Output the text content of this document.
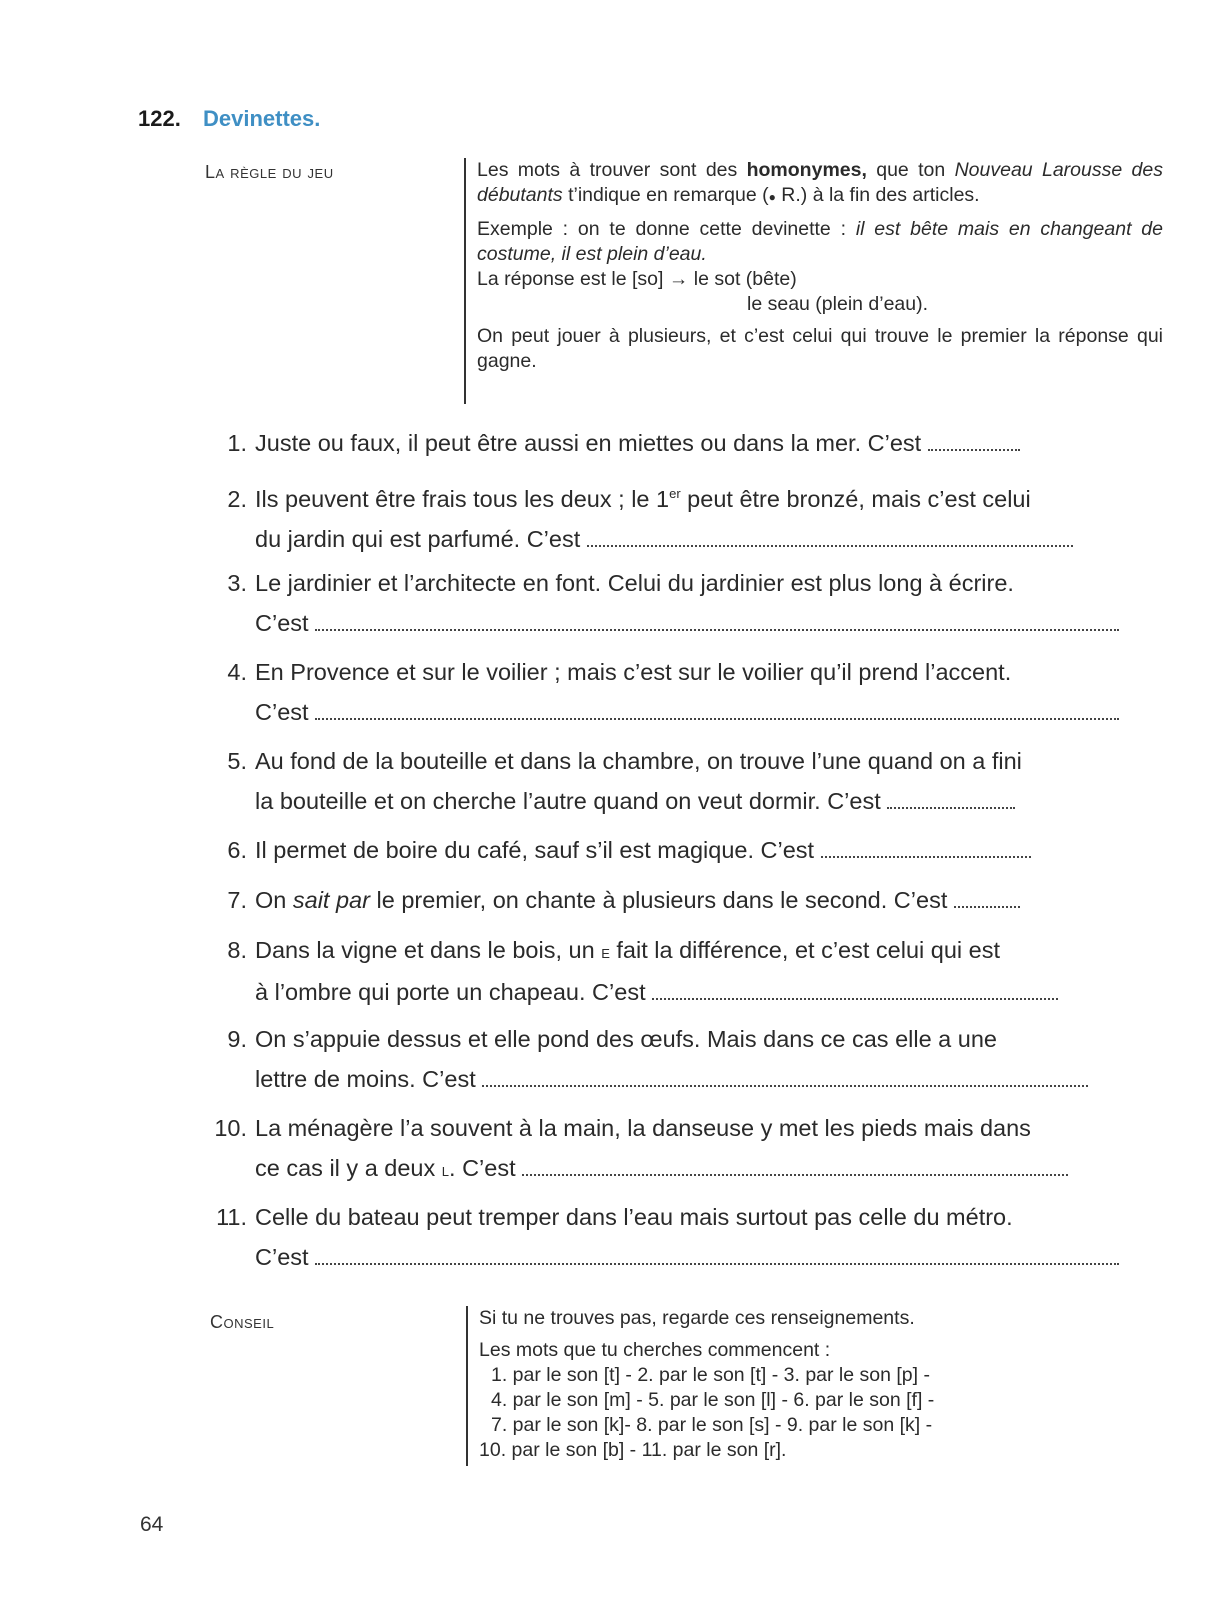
122. Devinettes.
La règle du jeu	Les mots à trouver sont des homonymes, que ton Nouveau Larousse des débutants t’indique en remarque (● R.) à la fin des articles.

Exemple : on te donne cette devinette : il est bête mais en changeant de costume, il est plein d’eau.

La réponse est le [so] → le sot (bête)

le seau (plein d’eau).

On peut jouer à plusieurs, et c’est celui qui trouve le premier la réponse qui gagne.

1. Juste ou faux, il peut être aussi en miettes ou dans la mer. C’est
2. Ils peuvent être frais tous les deux ; le 1er peut être bronzé, mais c’est celui
du jardin qui est parfumé. C’est
3. Le jardinier et l’architecte en font. Celui du jardinier est plus long à écrire.
C’est
4. En Provence et sur le voilier ; mais c’est sur le voilier qu’il prend l’accent.
C’est
5. Au fond de la bouteille et dans la chambre, on trouve l’une quand on a fini
la bouteille et on cherche l’autre quand on veut dormir. C’est
6. Il permet de boire du café, sauf s’il est magique. C’est
7. On sait par le premier, on chante à plusieurs dans le second. C’est
8. Dans la vigne et dans le bois, un e fait la différence, et c’est celui qui est
à l’ombre qui porte un chapeau. C’est
9. On s’appuie dessus et elle pond des œufs. Mais dans ce cas elle a une
lettre de moins. C’est
10. La ménagère l’a souvent à la main, la danseuse y met les pieds mais dans
ce cas il y a deux l. C’est
11. Celle du bateau peut tremper dans l’eau mais surtout pas celle du métro.
C’est
Conseil	Si tu ne trouves pas, regarde ces renseignements.

Les mots que tu cherches commencent :

1. par le son [t] - 2. par le son [t] - 3. par le son [p] -

4. par le son [m] - 5. par le son [l] - 6. par le son [f] -

7. par le son [k]- 8. par le son [s] - 9. par le son [k] -

10. par le son [b] - 11. par le son [r].

64
